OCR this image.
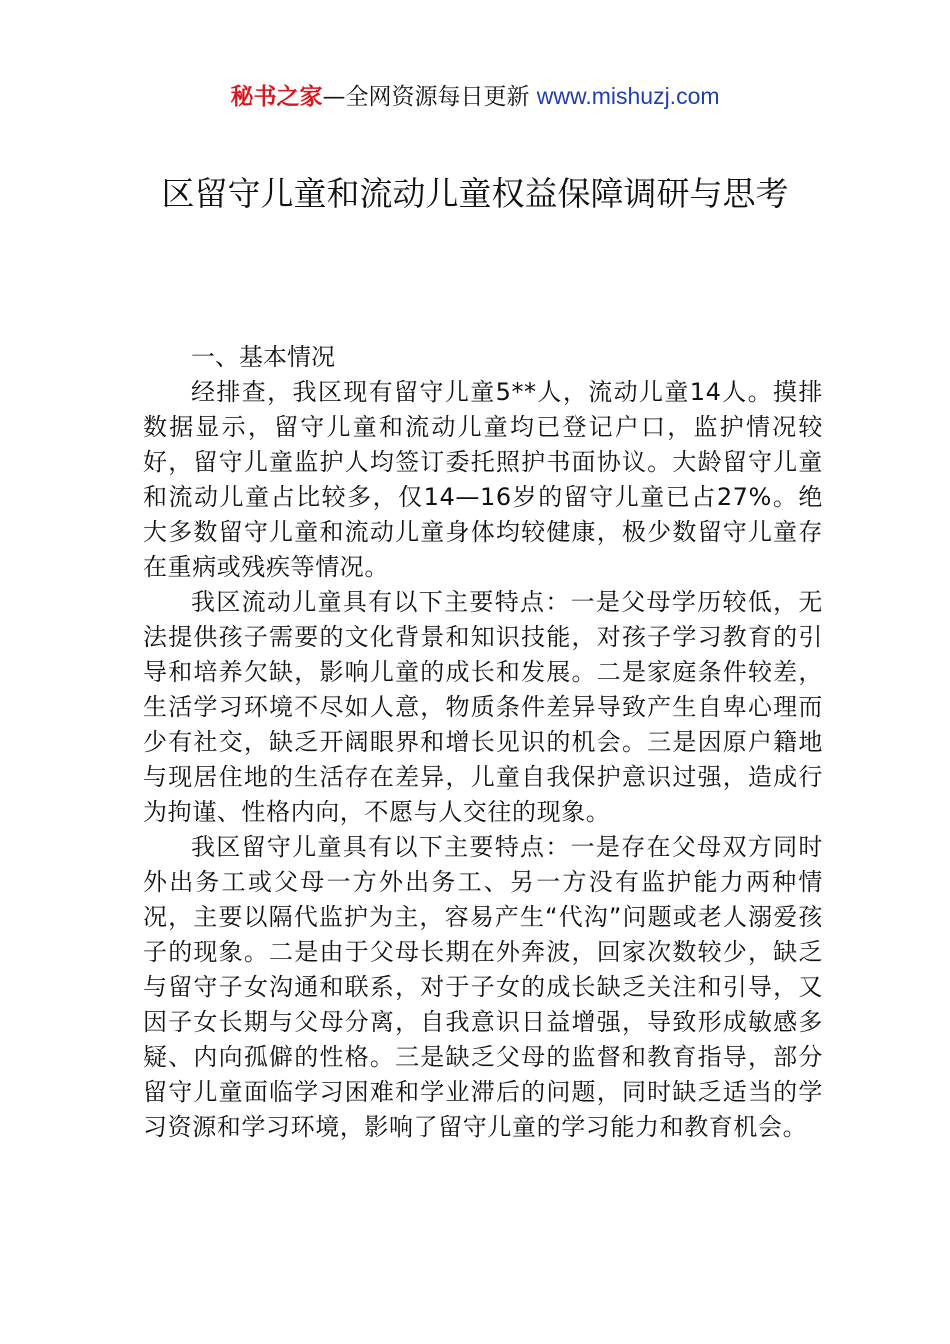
秘书之家—全网资源每日更新 www.mishuzj.com
区留守儿童和流动儿童权益保障调研与思考
一、基本情况

经排查，我区现有留守儿童5**人，流动儿童14人。摸排数据显示，留守儿童和流动儿童均已登记户口，监护情况较好，留守儿童监护人均签订委托照护书面协议。大龄留守儿童和流动儿童占比较多，仅14—16岁的留守儿童已占27%。绝大多数留守儿童和流动儿童身体均较健康，极少数留守儿童存在重病或残疾等情况。

我区流动儿童具有以下主要特点：一是父母学历较低，无法提供孩子需要的文化背景和知识技能，对孩子学习教育的引导和培养欠缺，影响儿童的成长和发展。二是家庭条件较差，生活学习环境不尽如人意，物质条件差异导致产生自卑心理而少有社交，缺乏开阔眼界和增长见识的机会。三是因原户籍地与现居住地的生活存在差异，儿童自我保护意识过强，造成行为拘谨、性格内向，不愿与人交往的现象。

我区留守儿童具有以下主要特点：一是存在父母双方同时外出务工或父母一方外出务工、另一方没有监护能力两种情况，主要以隔代监护为主，容易产生“代沟”问题或老人溺爱孩子的现象。二是由于父母长期在外奔波，回家次数较少，缺乏与留守子女沟通和联系，对于子女的成长缺乏关注和引导，又因子女长期与父母分离，自我意识日益增强，导致形成敏感多疑、内向孤僻的性格。三是缺乏父母的监督和教育指导，部分留守儿童面临学习困难和学业滞后的问题，同时缺乏适当的学习资源和学习环境，影响了留守儿童的学习能力和教育机会。
